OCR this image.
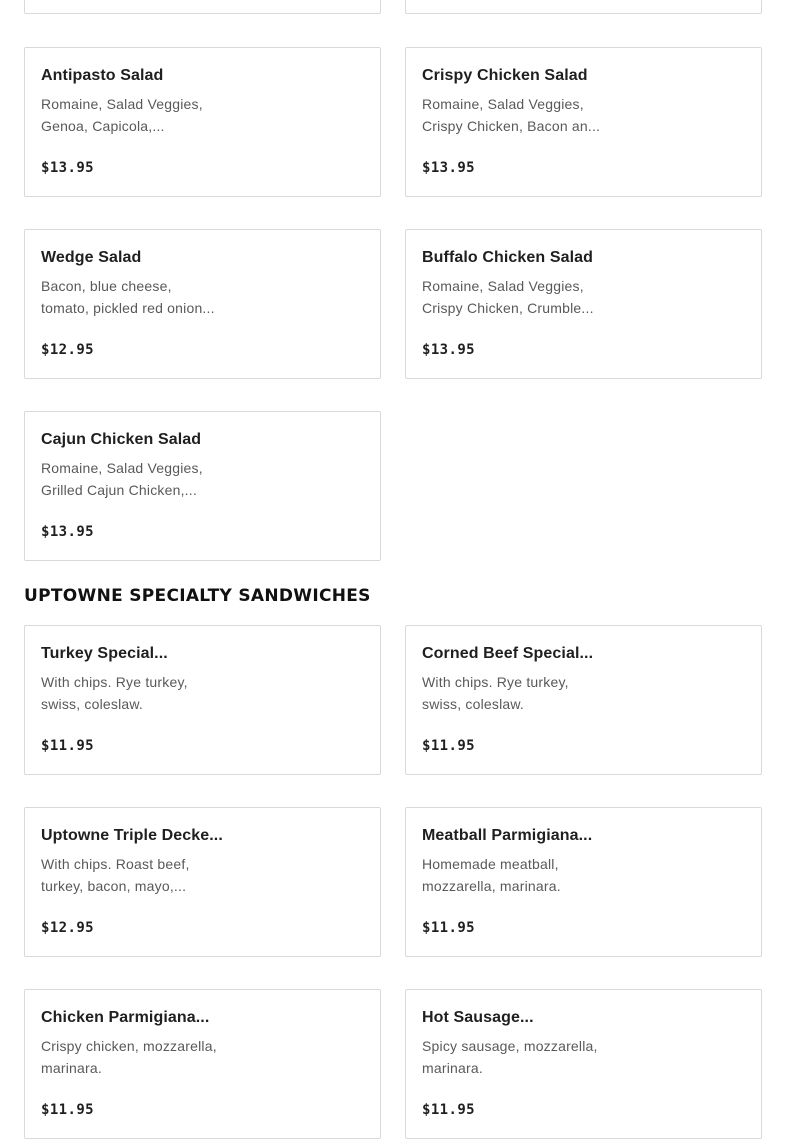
Antipasto Salad
Romaine, Salad Veggies,
Genoa, Capicola,...
$13.95
Crispy Chicken Salad
Romaine, Salad Veggies,
Crispy Chicken, Bacon an...
$13.95
Wedge Salad
Bacon, blue cheese,
tomato, pickled red onion...
$12.95
Buffalo Chicken Salad
Romaine, Salad Veggies,
Crispy Chicken, Crumble...
$13.95
Cajun Chicken Salad
Romaine, Salad Veggies,
Grilled Cajun Chicken,...
$13.95
UPTOWNE SPECIALTY SANDWICHES
Turkey Special...
With chips. Rye turkey,
swiss, coleslaw.
$11.95
Corned Beef Special...
With chips. Rye turkey,
swiss, coleslaw.
$11.95
Uptowne Triple Decke...
With chips. Roast beef,
turkey, bacon, mayo,...
$12.95
Meatball Parmigiana...
Homemade meatball,
mozzarella, marinara.
$11.95
Chicken Parmigiana...
Crispy chicken, mozzarella,
marinara.
$11.95
Hot Sausage...
Spicy sausage, mozzarella,
marinara.
$11.95
